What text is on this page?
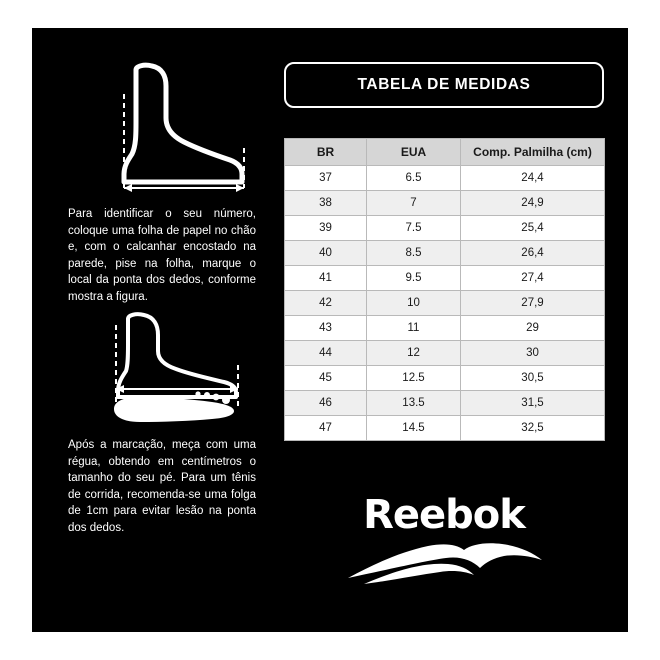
Para identificar o seu número, coloque uma folha de papel no chão e, com o calcanhar encostado na parede, pise na folha, marque o local da ponta dos dedos, conforme mostra a figura.
Após a marcação, meça com uma régua, obtendo em centímetros o tamanho do seu pé. Para um tênis de corrida, recomenda-se uma folga de 1cm para evitar lesão na ponta dos dedos.
TABELA DE MEDIDAS
BR	EUA	Comp. Palmilha (cm)
37	6.5	24,4
38	7	24,9
39	7.5	25,4
40	8.5	26,4
41	9.5	27,4
42	10	27,9
43	11	29
44	12	30
45	12.5	30,5
46	13.5	31,5
47	14.5	32,5
Reebok
